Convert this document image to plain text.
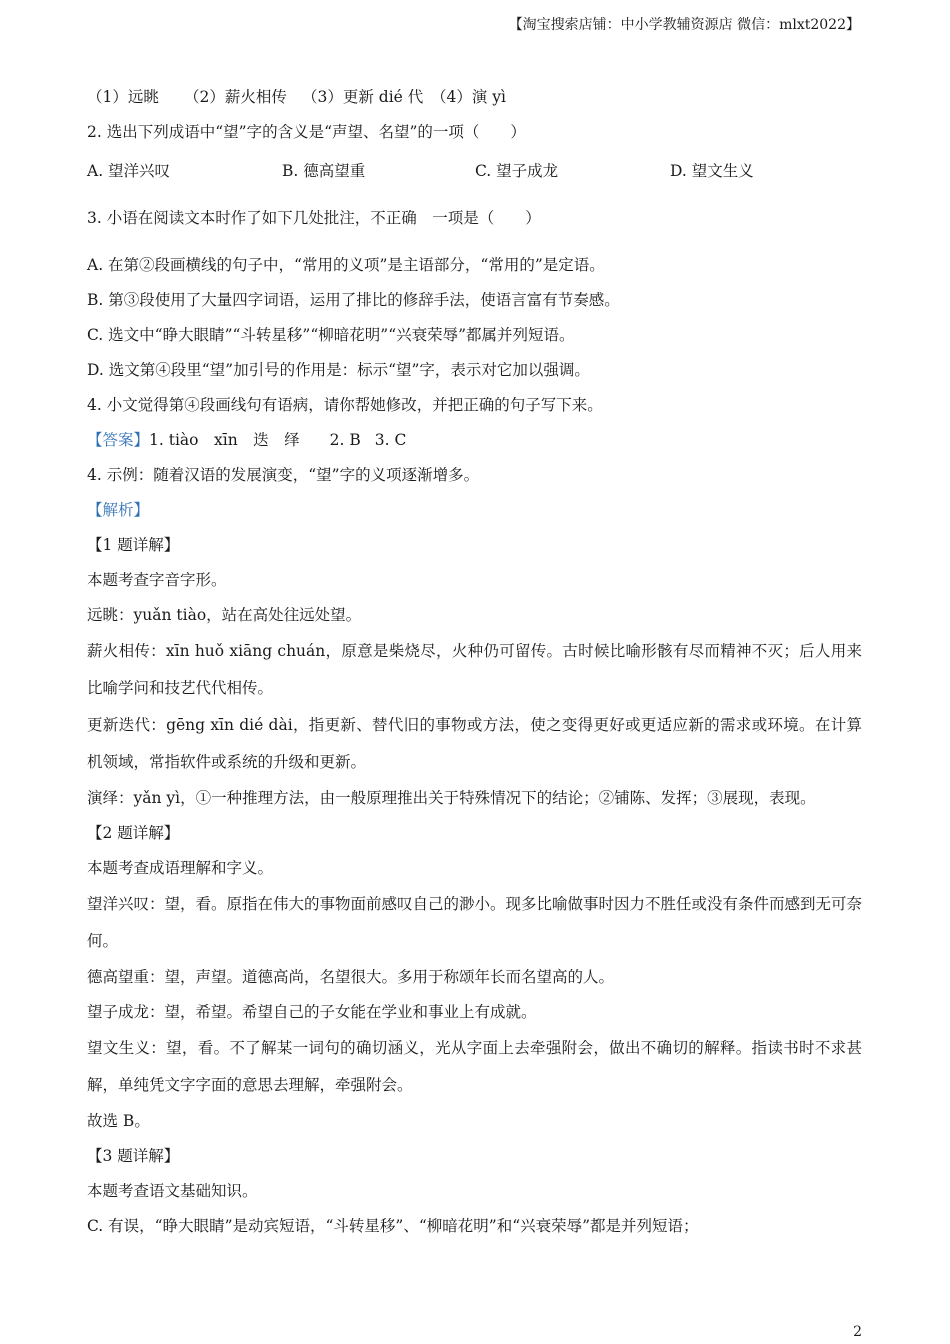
【淘宝搜索店铺：中小学教辅资源店 微信：mlxt2022】
（1）远眺 （2）薪火相传 （3）更新 dié 代 （4）演 yì
2. 选出下列成语中“望”字的含义是“声望、名望”的一项（　　）
A. 望洋兴叹	B. 德高望重	C. 望子成龙	D. 望文生义
3. 小语在阅读文本时作了如下几处批注，不正确　一项是（　　）
A. 在第②段画横线的句子中，“常用的义项”是主语部分，“常用的”是定语。
B. 第③段使用了大量四字词语，运用了排比的修辞手法，使语言富有节奏感。
C. 选文中“睁大眼睛”“斗转星移”“柳暗花明”“兴衰荣辱”都属并列短语。
D. 选文第④段里“望”加引号的作用是：标示“望”字，表示对它加以强调。
4. 小文觉得第④段画线句有语病，请你帮她修改，并把正确的句子写下来。
【答案】1. tiào　xīn　迭　绎 2. B 3. C
4. 示例：随着汉语的发展演变，“望”字的义项逐渐增多。
【解析】
【1 题详解】
本题考查字音字形。
远眺：yuǎn tiào，站在高处往远处望。
薪火相传：xīn huǒ xiāng chuán，原意是柴烧尽，火种仍可留传。古时候比喻形骸有尽而精神不灭；后人用来比喻学问和技艺代代相传。
更新迭代：gēng xīn dié dài，指更新、替代旧的事物或方法，使之变得更好或更适应新的需求或环境。在计算机领域，常指软件或系统的升级和更新。
演绎：yǎn yì，①一种推理方法，由一般原理推出关于特殊情况下的结论；②铺陈、发挥；③展现，表现。
【2 题详解】
本题考查成语理解和字义。
望洋兴叹：望，看。原指在伟大的事物面前感叹自己的渺小。现多比喻做事时因力不胜任或没有条件而感到无可奈何。
德高望重：望，声望。道德高尚，名望很大。多用于称颂年长而名望高的人。
望子成龙：望，希望。希望自己的子女能在学业和事业上有成就。
望文生义：望，看。不了解某一词句的确切涵义，光从字面上去牵强附会，做出不确切的解释。指读书时不求甚解，单纯凭文字字面的意思去理解，牵强附会。
故选 B。
【3 题详解】
本题考查语文基础知识。
C. 有误，“睁大眼睛”是动宾短语，“斗转星移”、“柳暗花明”和“兴衰荣辱”都是并列短语；
2
